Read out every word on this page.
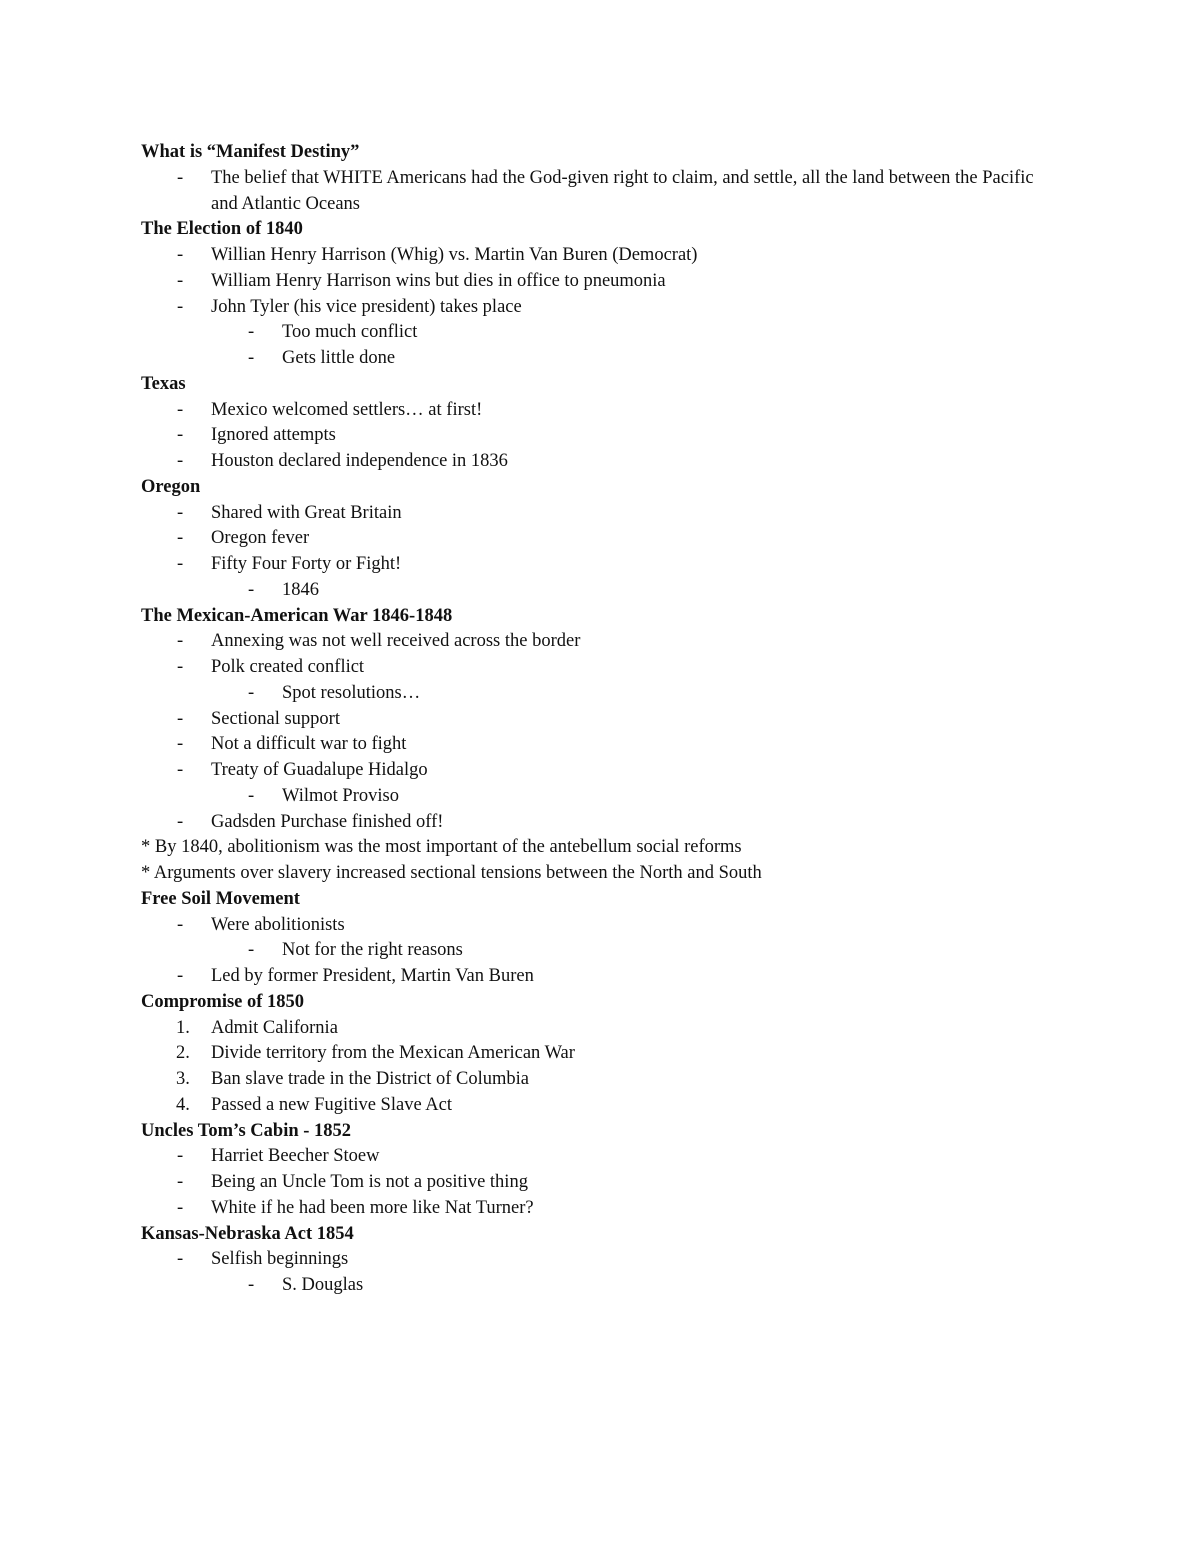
What is “Manifest Destiny”
-	The belief that WHITE Americans had the God-given right to claim, and settle, all the land between the Pacific and Atlantic Oceans
The Election of 1840
-	Willian Henry Harrison (Whig) vs. Martin Van Buren (Democrat)
-	William Henry Harrison wins but dies in office to pneumonia
-	John Tyler (his vice president) takes place
-	Too much conflict
-	Gets little done
Texas
-	Mexico welcomed settlers… at first!
-	Ignored attempts
-	Houston declared independence in 1836
Oregon
-	Shared with Great Britain
-	Oregon fever
-	Fifty Four Forty or Fight!
-	1846
The Mexican-American War 1846-1848
-	Annexing was not well received across the border
-	Polk created conflict
-	Spot resolutions…
-	Sectional support
-	Not a difficult war to fight
-	Treaty of Guadalupe Hidalgo
-	Wilmot Proviso
-	Gadsden Purchase finished off!
* By 1840, abolitionism was the most important of the antebellum social reforms
* Arguments over slavery increased sectional tensions between the North and South
Free Soil Movement
-	Were abolitionists
-	Not for the right reasons
-	Led by former President, Martin Van Buren
Compromise of 1850
1.	Admit California
2.	Divide territory from the Mexican American War
3.	Ban slave trade in the District of Columbia
4.	Passed a new Fugitive Slave Act
Uncles Tom’s Cabin - 1852
-	Harriet Beecher Stoew
-	Being an Uncle Tom is not a positive thing
-	White if he had been more like Nat Turner?
Kansas-Nebraska Act 1854
-	Selfish beginnings
-	S. Douglas
